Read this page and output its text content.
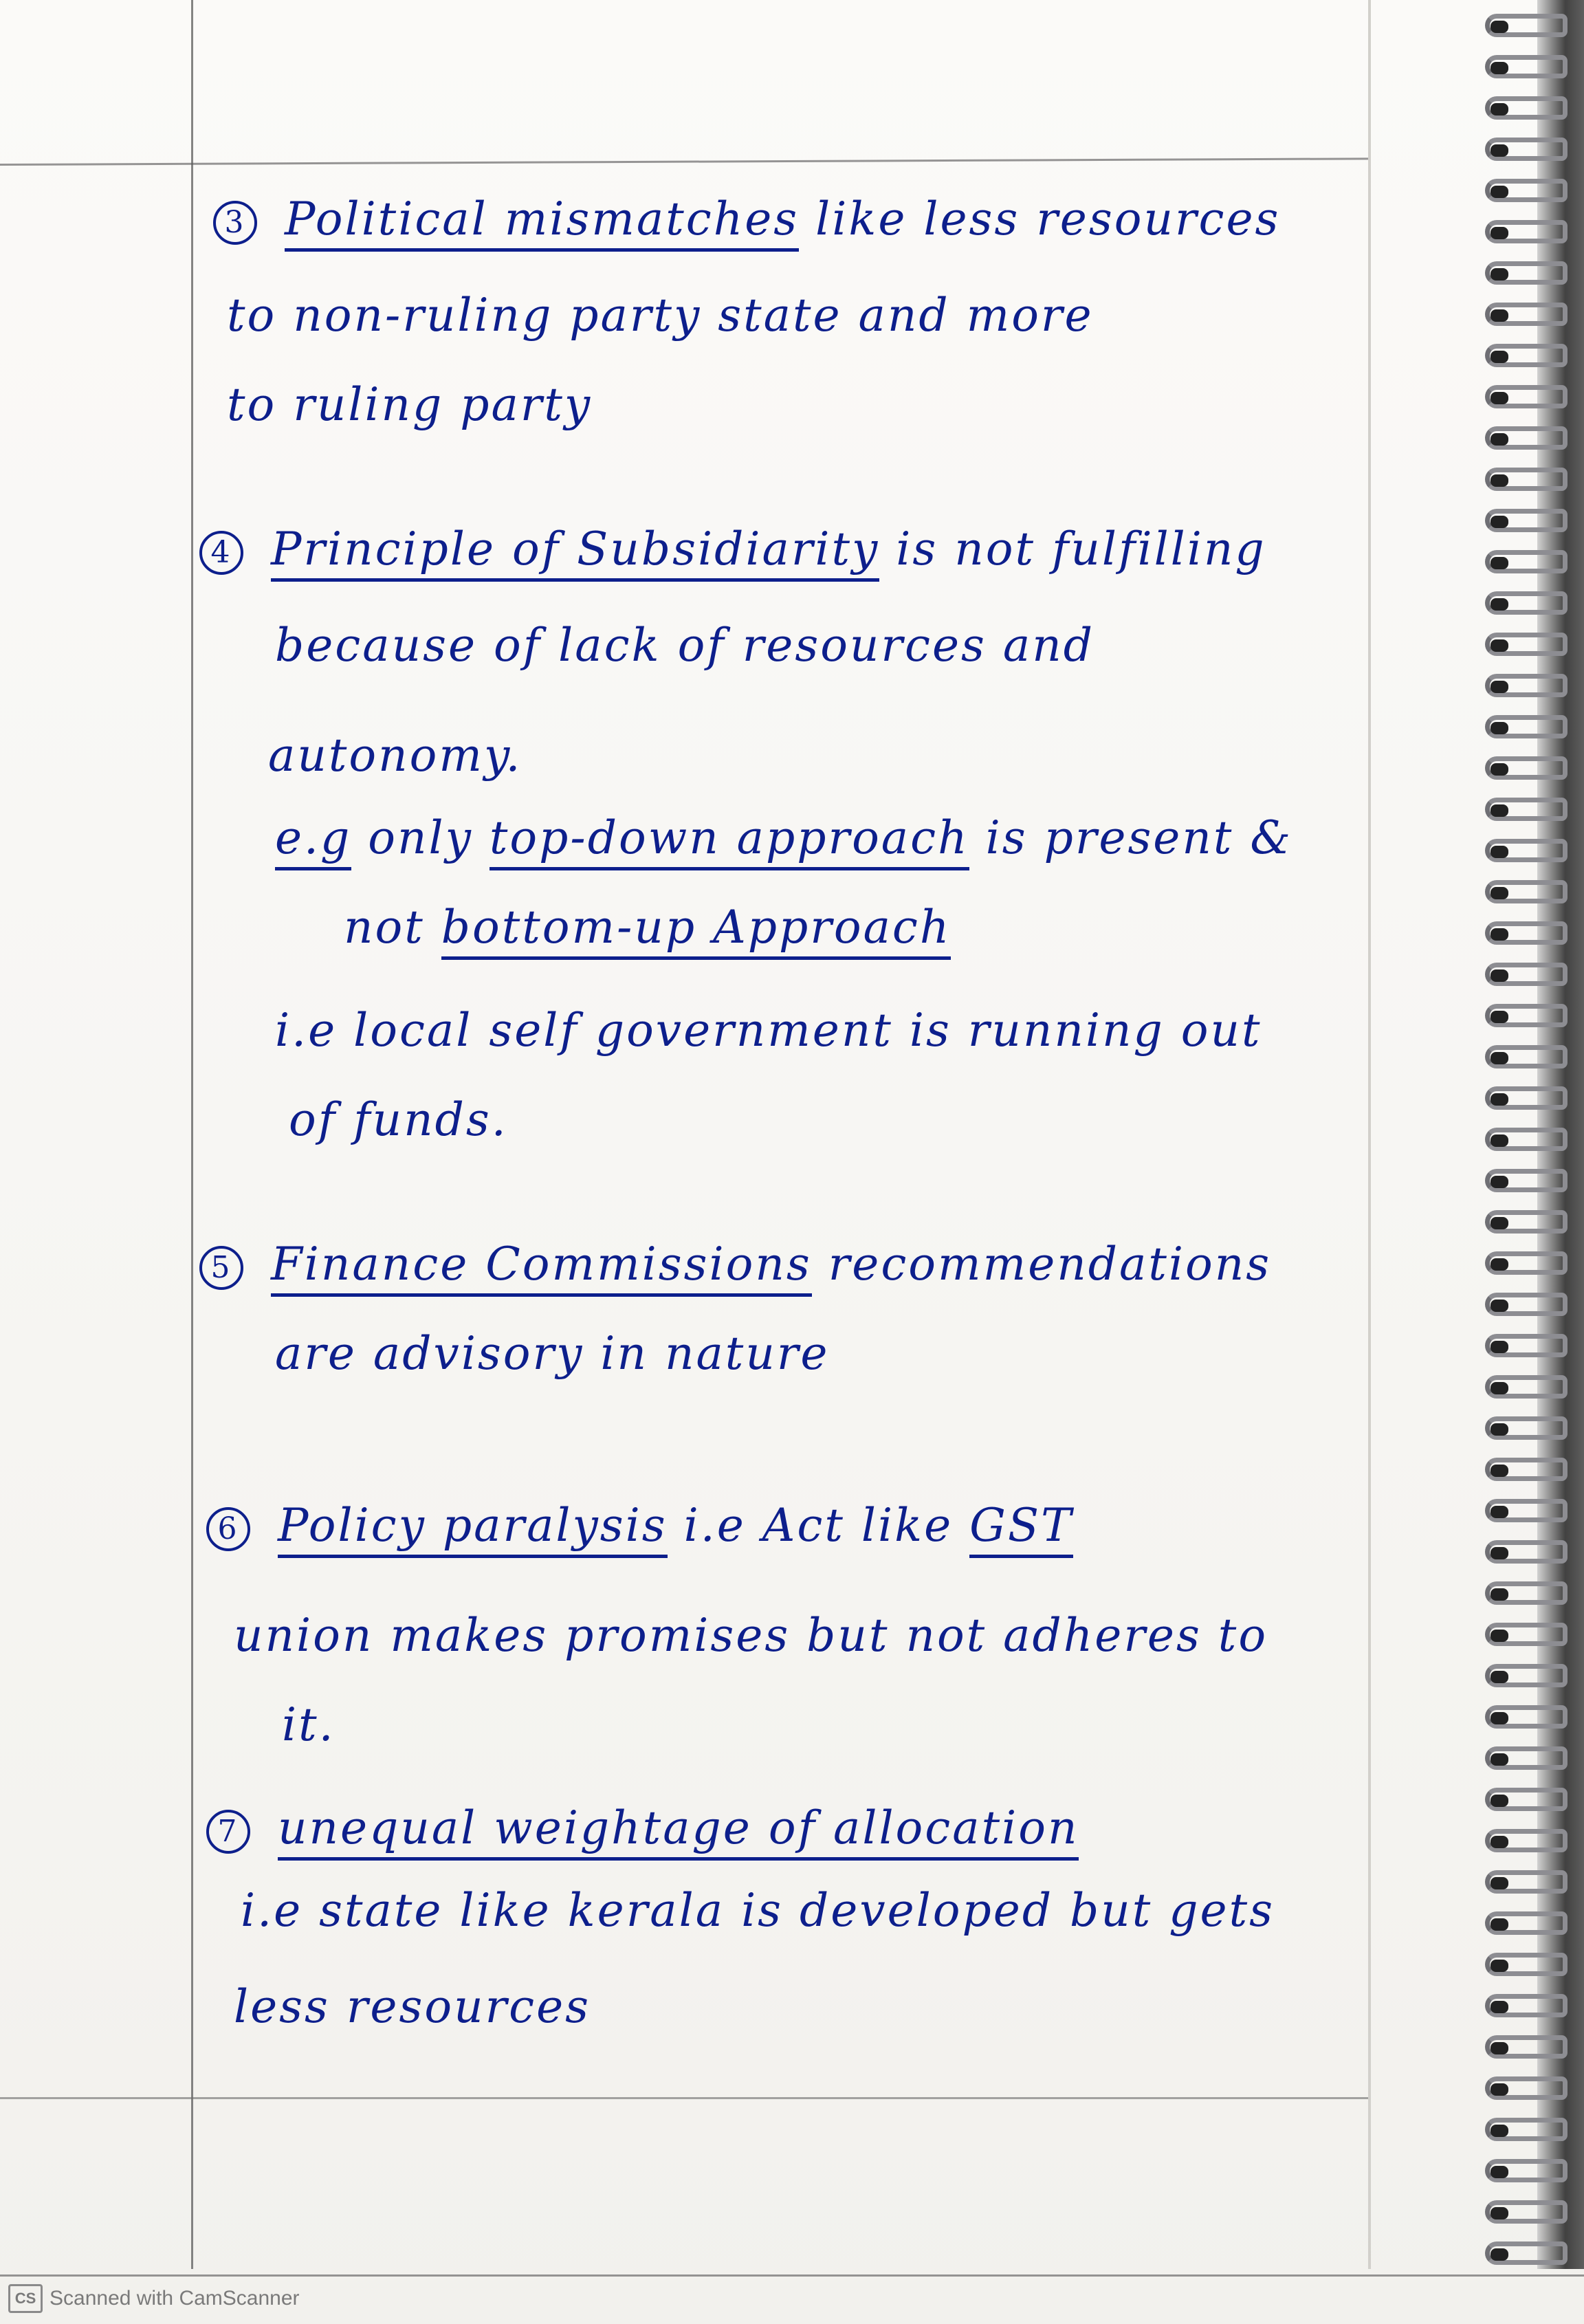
3 Political mismatches like less resources
to non-ruling party state and more
to ruling party
4 Principle of Subsidiarity is not fulfilling
because of lack of resources and
autonomy.
e.g only top-down approach is present &
not bottom-up Approach
i.e local self government is running out
of funds.
5 Finance Commissions recommendations
are advisory in nature
6 Policy paralysis i.e Act like GST
union makes promises but not adheres to
it.
7 unequal weightage of allocation
i.e state like kerala is developed but gets
less resources
CS Scanned with CamScanner
